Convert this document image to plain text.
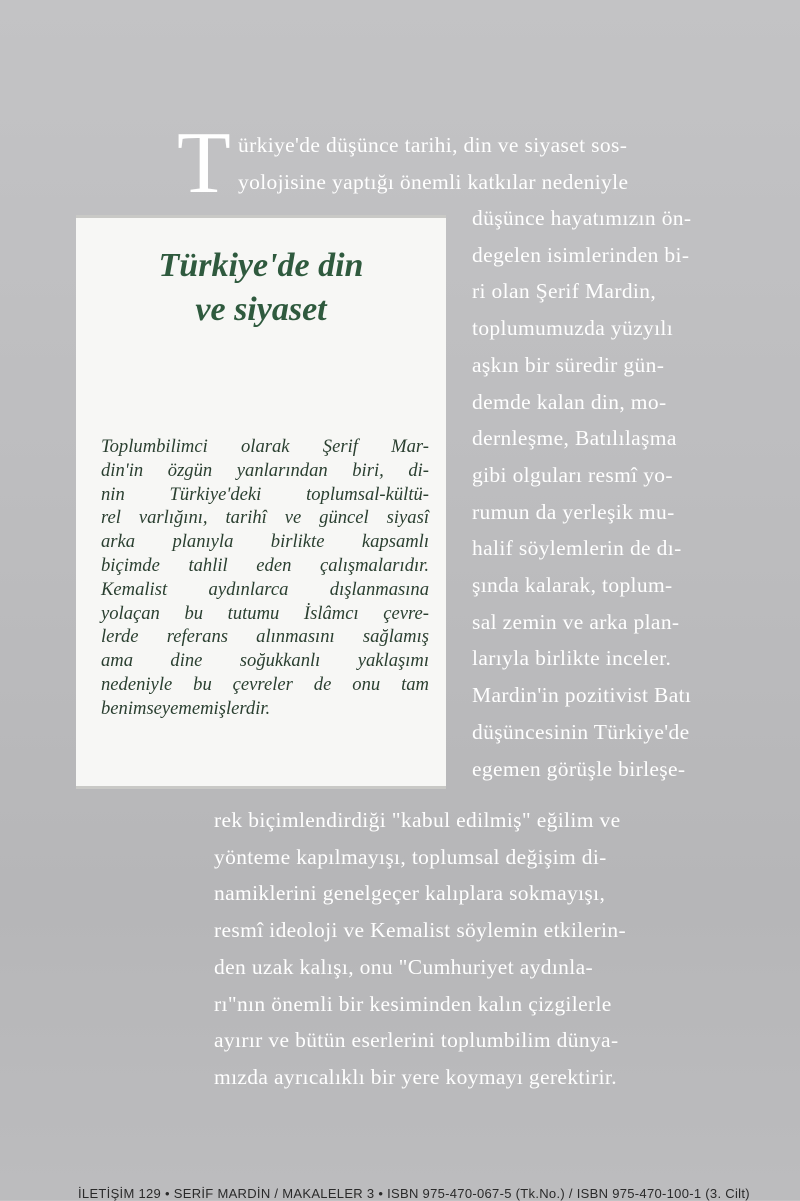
T ürkiye'de düşünce tarihi, din ve siyaset sos-
yolojisine yaptığı önemli katkılar nedeniyle
düşünce hayatımızın ön-
degelen isimlerinden bi-
ri olan Şerif Mardin,
toplumumuzda yüzyılı
aşkın bir süredir gün-
demde kalan din, mo-
dernleşme, Batılılaşma
gibi olguları resmî yo-
rumun da yerleşik mu-
halif söylemlerin de dı-
şında kalarak, toplum-
sal zemin ve arka plan-
larıyla birlikte inceler.
Mardin'in pozitivist Batı
düşüncesinin Türkiye'de
egemen görüşle birleşe-
rek biçimlendirdiği "kabul edilmiş" eğilim ve
yönteme kapılmayışı, toplumsal değişim di-
namiklerini genelgeçer kalıplara sokmayışı,
resmî ideoloji ve Kemalist söylemin etkilerin-
den uzak kalışı, onu "Cumhuriyet aydınla-
rı"nın önemli bir kesiminden kalın çizgilerle
ayırır ve bütün eserlerini toplumbilim dünya-
mızda ayrıcalıklı bir yere koymayı gerektirir.
Türkiye'de din
ve siyaset
Toplumbilimci olarak Şerif Mar-
din'in özgün yanlarından biri, di-
nin Türkiye'deki toplumsal-kültü-
rel varlığını, tarihî ve güncel siyasî
arka planıyla birlikte kapsamlı
biçimde tahlil eden çalışmalarıdır.
Kemalist aydınlarca dışlanmasına
yolaçan bu tutumu İslâmcı çevre-
lerde referans alınmasını sağlamış
ama dine soğukkanlı yaklaşımı
nedeniyle bu çevreler de onu tam
benimseyememişlerdir.
İLETİŞİM 129 • SERİF MARDİN / MAKALELER 3 • ISBN 975-470-067-5 (Tk.No.) / ISBN 975-470-100-1 (3. Cilt)
